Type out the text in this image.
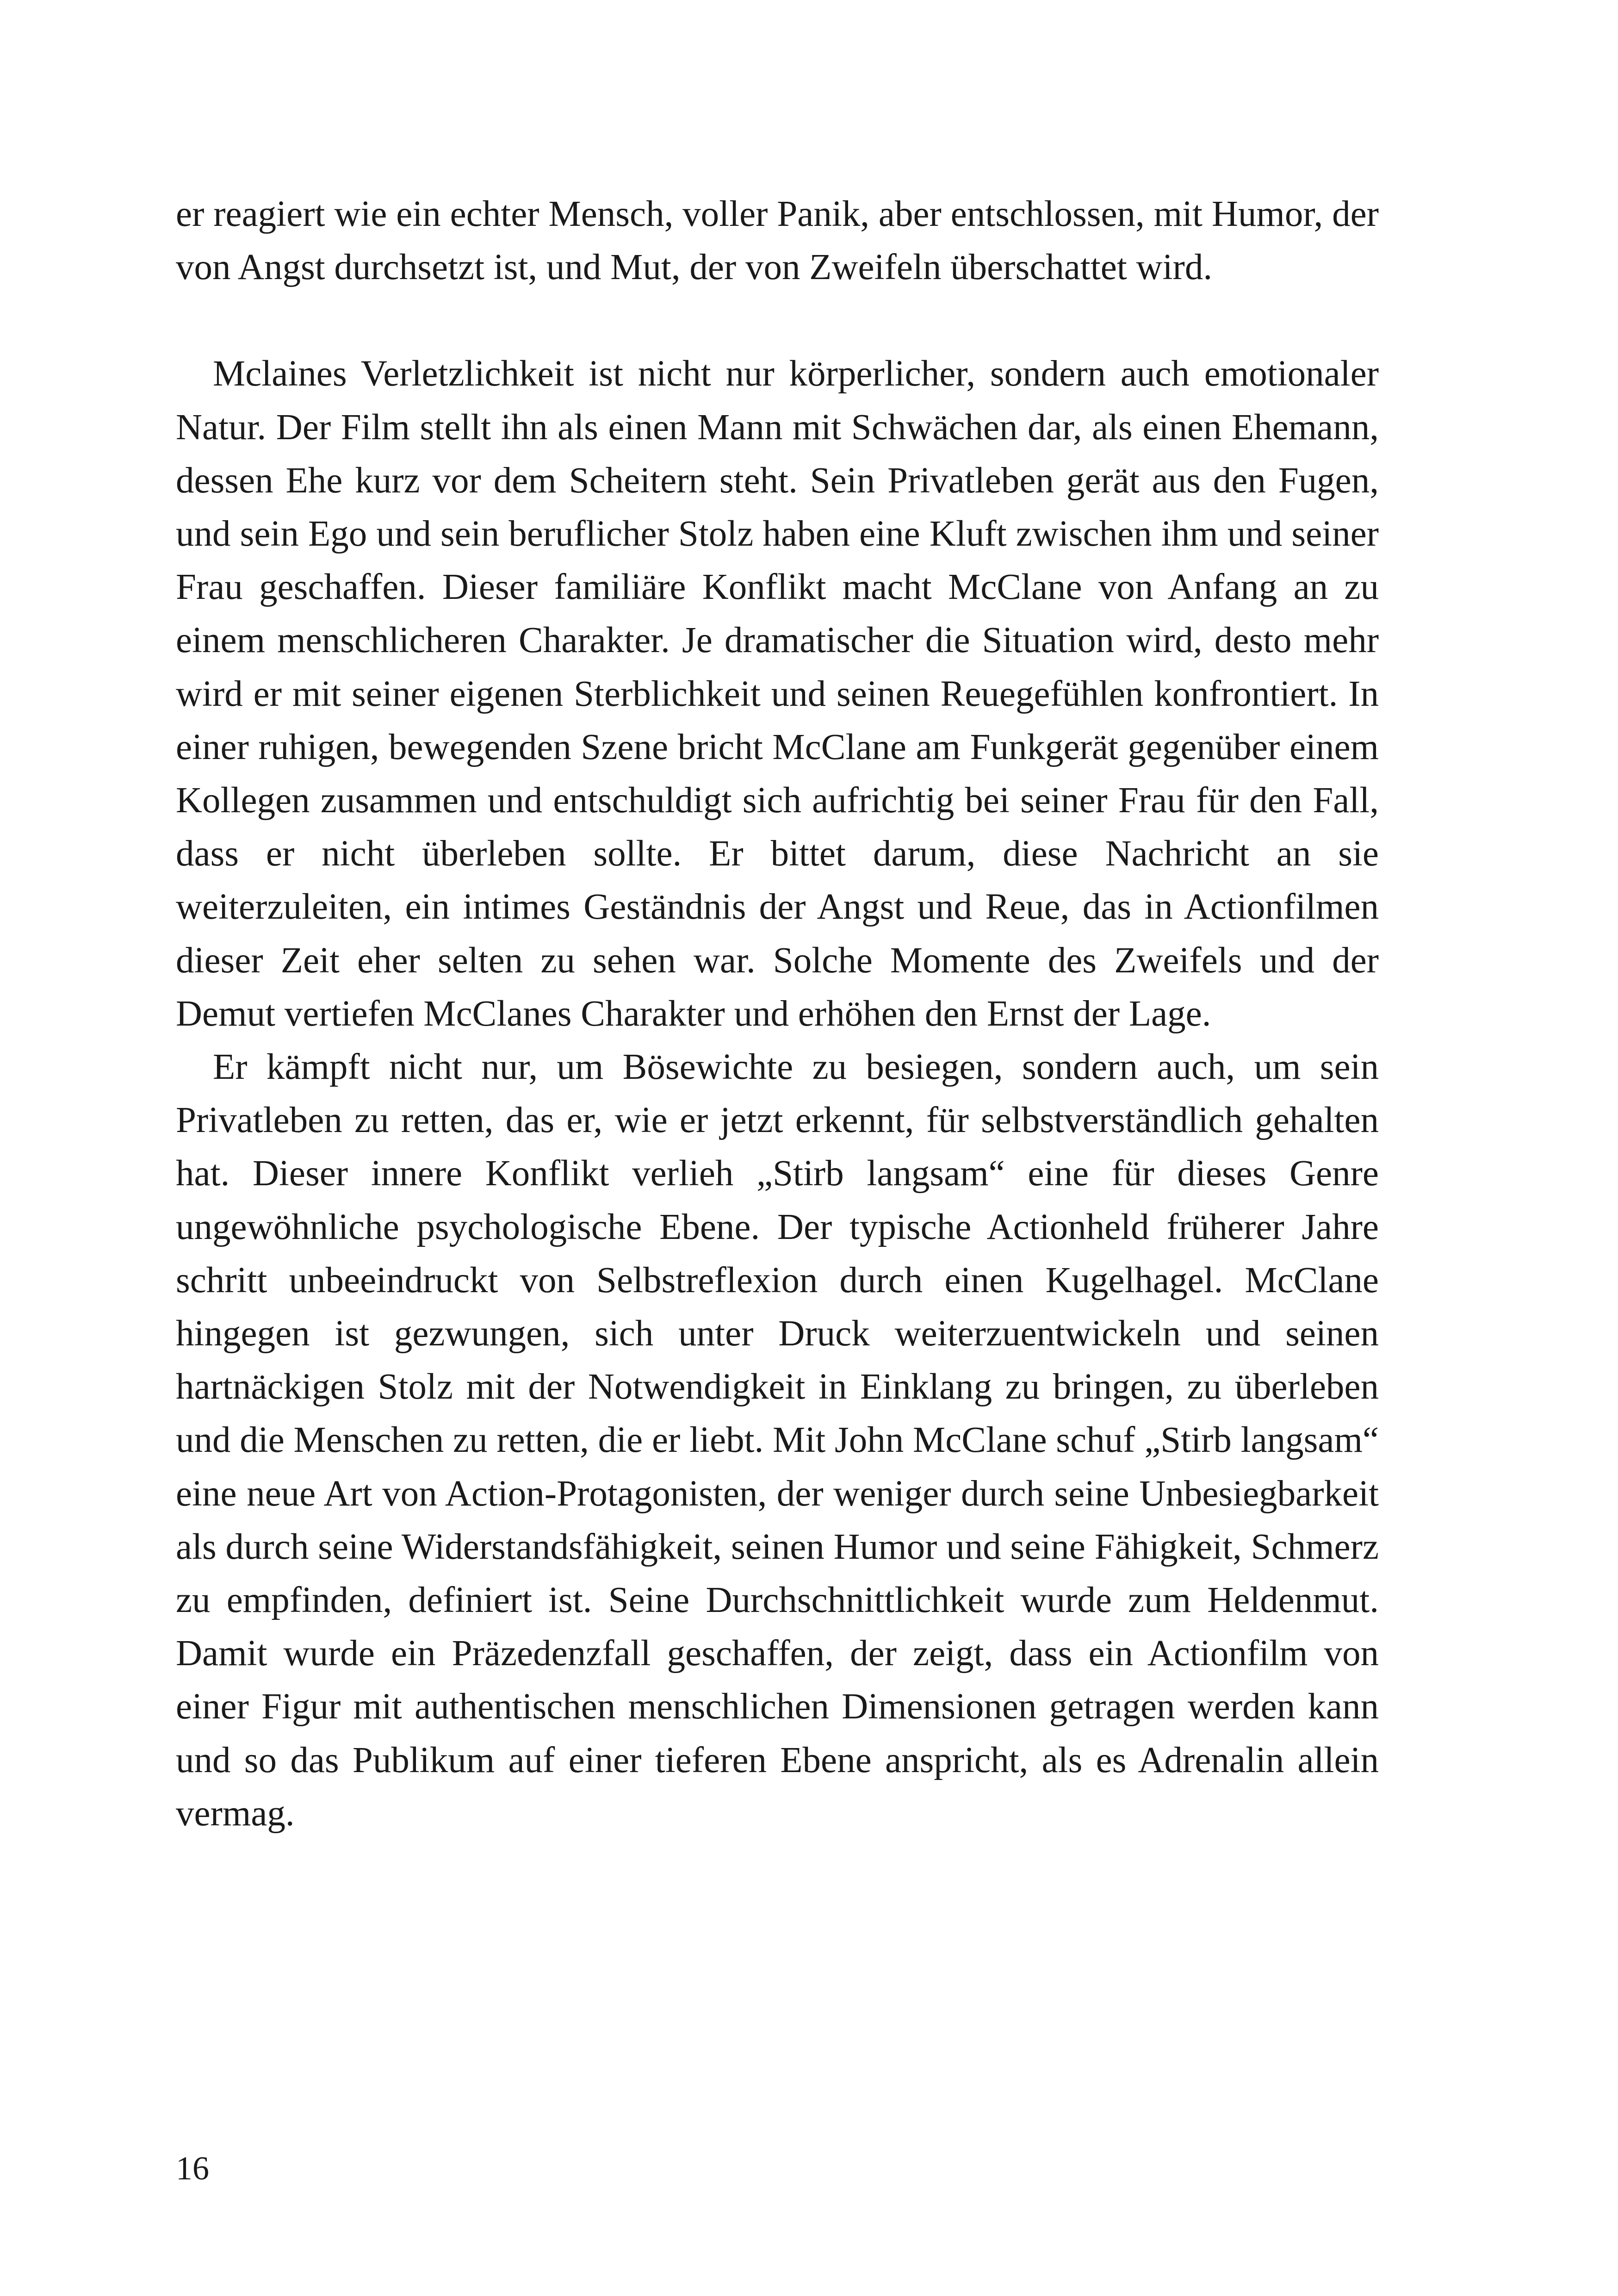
er reagiert wie ein echter Mensch, voller Panik, aber entschlossen, mit Humor, der von Angst durchsetzt ist, und Mut, der von Zweifeln überschattet wird.

Mclaines Verletzlichkeit ist nicht nur körperlicher, sondern auch emotionaler Natur. Der Film stellt ihn als einen Mann mit Schwächen dar, als einen Ehemann, dessen Ehe kurz vor dem Scheitern steht. Sein Privatleben gerät aus den Fugen, und sein Ego und sein beruflicher Stolz haben eine Kluft zwischen ihm und seiner Frau geschaffen. Dieser familiäre Konflikt macht McClane von Anfang an zu einem menschlicheren Charakter. Je dramatischer die Situation wird, desto mehr wird er mit seiner eigenen Sterblichkeit und seinen Reuegefühlen konfrontiert. In einer ruhigen, bewegenden Szene bricht McClane am Funkgerät gegenüber einem Kollegen zusammen und entschuldigt sich aufrichtig bei seiner Frau für den Fall, dass er nicht überleben sollte. Er bittet darum, diese Nachricht an sie weiterzuleiten, ein intimes Geständnis der Angst und Reue, das in Actionfilmen dieser Zeit eher selten zu sehen war. Solche Momente des Zweifels und der Demut vertiefen McClanes Charakter und erhöhen den Ernst der Lage.

Er kämpft nicht nur, um Bösewichte zu besiegen, sondern auch, um sein Privatleben zu retten, das er, wie er jetzt erkennt, für selbstverständlich gehalten hat. Dieser innere Konflikt verlieh „Stirb langsam“ eine für dieses Genre ungewöhnliche psychologische Ebene. Der typische Actionheld früherer Jahre schritt unbeeindruckt von Selbstreflexion durch einen Kugelhagel. McClane hingegen ist gezwungen, sich unter Druck weiterzuentwickeln und seinen hartnäckigen Stolz mit der Notwendigkeit in Einklang zu bringen, zu überleben und die Menschen zu retten, die er liebt. Mit John McClane schuf „Stirb langsam“ eine neue Art von Action-Protagonisten, der weniger durch seine Unbesiegbarkeit als durch seine Widerstandsfähigkeit, seinen Humor und seine Fähigkeit, Schmerz zu empfinden, definiert ist. Seine Durchschnittlichkeit wurde zum Heldenmut. Damit wurde ein Präzedenzfall geschaffen, der zeigt, dass ein Actionfilm von einer Figur mit authentischen menschlichen Dimensionen getragen werden kann und so das Publikum auf einer tieferen Ebene anspricht, als es Adrenalin allein vermag.

16
